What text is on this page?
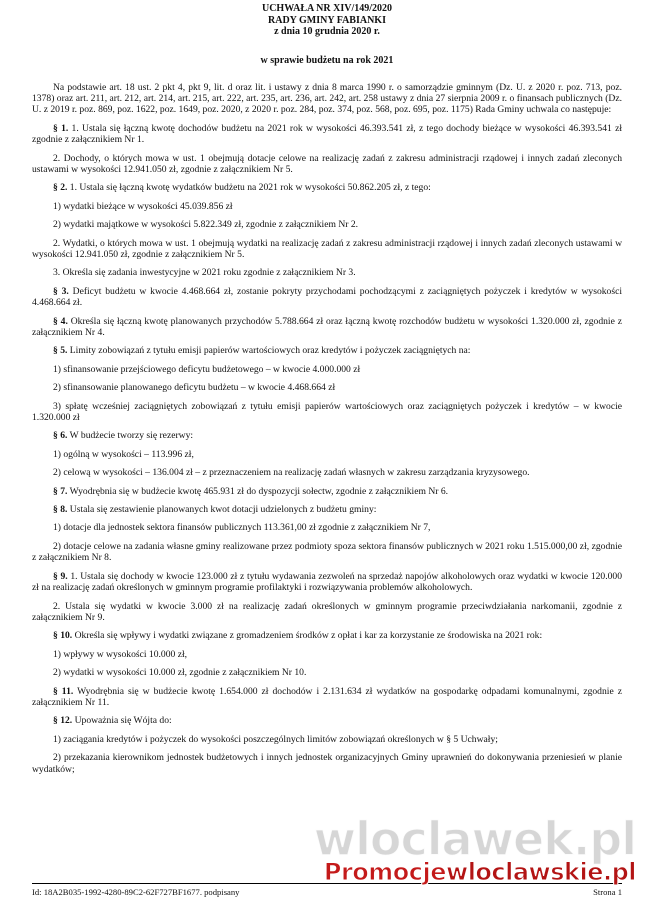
UCHWAŁA NR XIV/149/2020
RADY GMINY FABIANKI
z dnia 10 grudnia 2020 r.
w sprawie budżetu na rok 2021

Na podstawie art. 18 ust. 2 pkt 4, pkt 9, lit. d oraz lit. i ustawy z dnia 8 marca 1990 r. o samorządzie gminnym (Dz. U. z 2020 r. poz. 713, poz. 1378) oraz art. 211, art. 212, art. 214, art. 215, art. 222, art. 235, art. 236, art. 242, art. 258 ustawy z dnia 27 sierpnia 2009 r. o finansach publicznych (Dz. U. z 2019 r. poz. 869, poz. 1622, poz. 1649, poz. 2020, z 2020 r. poz. 284, poz. 374, poz. 568, poz. 695, poz. 1175) Rada Gminy uchwala co następuje:

§ 1. 1. Ustala się łączną kwotę dochodów budżetu na 2021 rok w wysokości 46.393.541 zł, z tego dochody bieżące w wysokości 46.393.541 zł zgodnie z załącznikiem Nr 1.

2. Dochody, o których mowa w ust. 1 obejmują dotacje celowe na realizację zadań z zakresu administracji rządowej i innych zadań zleconych ustawami w wysokości 12.941.050 zł, zgodnie z załącznikiem Nr 5.

§ 2. 1. Ustala się łączną kwotę wydatków budżetu na 2021 rok w wysokości 50.862.205 zł, z tego:

1) wydatki bieżące w wysokości 45.039.856 zł

2) wydatki majątkowe w wysokości 5.822.349 zł, zgodnie z załącznikiem Nr 2.

2. Wydatki, o których mowa w ust. 1 obejmują wydatki na realizację zadań z zakresu administracji rządowej i innych zadań zleconych ustawami w wysokości 12.941.050 zł, zgodnie z załącznikiem Nr 5.

3. Określa się zadania inwestycyjne w 2021 roku zgodnie z załącznikiem Nr 3.

§ 3. Deficyt budżetu w kwocie 4.468.664 zł, zostanie pokryty przychodami pochodzącymi z zaciągniętych pożyczek i kredytów w wysokości 4.468.664 zł.

§ 4. Określa się łączną kwotę planowanych przychodów 5.788.664 zł oraz łączną kwotę rozchodów budżetu w wysokości 1.320.000 zł, zgodnie z załącznikiem Nr 4.

§ 5. Limity zobowiązań z tytułu emisji papierów wartościowych oraz kredytów i pożyczek zaciągniętych na:

1) sfinansowanie przejściowego deficytu budżetowego – w kwocie 4.000.000 zł

2) sfinansowanie planowanego deficytu budżetu – w kwocie 4.468.664 zł

3) spłatę wcześniej zaciągniętych zobowiązań z tytułu emisji papierów wartościowych oraz zaciągniętych pożyczek i kredytów – w kwocie 1.320.000 zł

§ 6. W budżecie tworzy się rezerwy:

1) ogólną w wysokości – 113.996 zł,

2) celową w wysokości – 136.004 zł – z przeznaczeniem na realizację zadań własnych w zakresu zarządzania kryzysowego.

§ 7. Wyodrębnia się w budżecie kwotę 465.931 zł do dyspozycji sołectw, zgodnie z załącznikiem Nr 6.

§ 8. Ustala się zestawienie planowanych kwot dotacji udzielonych z budżetu gminy:

1) dotacje dla jednostek sektora finansów publicznych 113.361,00 zł zgodnie z załącznikiem Nr 7,

2) dotacje celowe na zadania własne gminy realizowane przez podmioty spoza sektora finansów publicznych w 2021 roku 1.515.000,00 zł, zgodnie z załącznikiem Nr 8.

§ 9. 1. Ustala się dochody w kwocie 123.000 zł z tytułu wydawania zezwoleń na sprzedaż napojów alkoholowych oraz wydatki w kwocie 120.000 zł na realizację zadań określonych w gminnym programie profilaktyki i rozwiązywania problemów alkoholowych.

2. Ustala się wydatki w kwocie 3.000 zł na realizację zadań określonych w gminnym programie przeciwdziałania narkomanii, zgodnie z załącznikiem Nr 9.

§ 10. Określa się wpływy i wydatki związane z gromadzeniem środków z opłat i kar za korzystanie ze środowiska na 2021 rok:

1) wpływy w wysokości 10.000 zł,

2) wydatki w wysokości 10.000 zł, zgodnie z załącznikiem Nr 10.

§ 11. Wyodrębnia się w budżecie kwotę 1.654.000 zł dochodów i 2.131.634 zł wydatków na gospodarkę odpadami komunalnymi, zgodnie z załącznikiem Nr 11.

§ 12. Upoważnia się Wójta do:

1) zaciągania kredytów i pożyczek do wysokości poszczególnych limitów zobowiązań określonych w § 5 Uchwały;

2) przekazania kierownikom jednostek budżetowych i innych jednostek organizacyjnych Gminy uprawnień do dokonywania przeniesień w planie wydatków;

Id: 18A2B035-1992-4280-89C2-62F727BF1677. podpisany	Strona 1
wloclawek.pl
Promocjewloclawskie.pl
